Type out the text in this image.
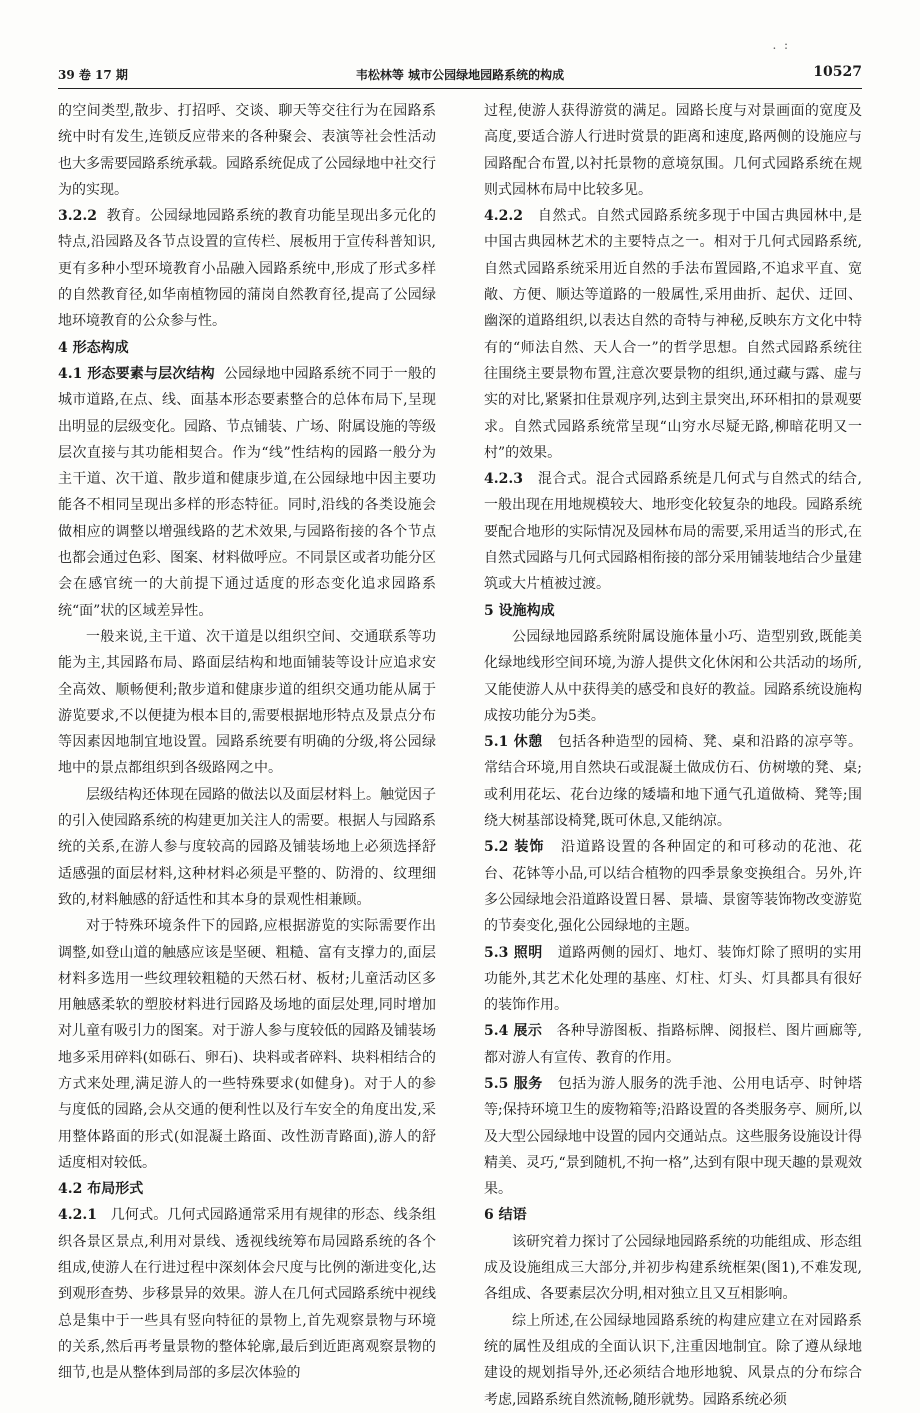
.  :
39 卷 17 期	韦松林等 城市公园绿地园路系统的构成	10527

的空间类型,散步、打招呼、交谈、聊天等交往行为在园路系统中时有发生,连锁反应带来的各种聚会、表演等社会性活动也大多需要园路系统承载。园路系统促成了公园绿地中社交行为的实现。

3.2.2 教育。公园绿地园路系统的教育功能呈现出多元化的特点,沿园路及各节点设置的宣传栏、展板用于宣传科普知识,更有多种小型环境教育小品融入园路系统中,形成了形式多样的自然教育径,如华南植物园的蒲岗自然教育径,提高了公园绿地环境教育的公众参与性。

4 形态构成

4.1 形态要素与层次结构 公园绿地中园路系统不同于一般的城市道路,在点、线、面基本形态要素整合的总体布局下,呈现出明显的层级变化。园路、节点铺装、广场、附属设施的等级层次直接与其功能相契合。作为“线”性结构的园路一般分为主干道、次干道、散步道和健康步道,在公园绿地中因主要功能各不相同呈现出多样的形态特征。同时,沿线的各类设施会做相应的调整以增强线路的艺术效果,与园路衔接的各个节点也都会通过色彩、图案、材料做呼应。不同景区或者功能分区会在感官统一的大前提下通过适度的形态变化追求园路系统“面”状的区域差异性。

一般来说,主干道、次干道是以组织空间、交通联系等功能为主,其园路布局、路面层结构和地面铺装等设计应追求安全高效、顺畅便利;散步道和健康步道的组织交通功能从属于游览要求,不以便捷为根本目的,需要根据地形特点及景点分布等因素因地制宜地设置。园路系统要有明确的分级,将公园绿地中的景点都组织到各级路网之中。

层级结构还体现在园路的做法以及面层材料上。触觉因子的引入使园路系统的构建更加关注人的需要。根据人与园路系统的关系,在游人参与度较高的园路及铺装场地上必须选择舒适感强的面层材料,这种材料必须是平整的、防滑的、纹理细致的,材料触感的舒适性和其本身的景观性相兼顾。

对于特殊环境条件下的园路,应根据游览的实际需要作出调整,如登山道的触感应该是坚硬、粗糙、富有支撑力的,面层材料多选用一些纹理较粗糙的天然石材、板材;儿童活动区多用触感柔软的塑胶材料进行园路及场地的面层处理,同时增加对儿童有吸引力的图案。对于游人参与度较低的园路及铺装场地多采用碎料(如砾石、卵石)、块料或者碎料、块料相结合的方式来处理,满足游人的一些特殊要求(如健身)。对于人的参与度低的园路,会从交通的便利性以及行车安全的角度出发,采用整体路面的形式(如混凝土路面、改性沥青路面),游人的舒适度相对较低。

4.2 布局形式

4.2.1 几何式。几何式园路通常采用有规律的形态、线条组织各景区景点,利用对景线、透视线统筹布局园路系统的各个组成,使游人在行进过程中深刻体会尺度与比例的渐进变化,达到观形查势、步移景异的效果。游人在几何式园路系统中视线总是集中于一些具有竖向特征的景物上,首先观察景物与环境的关系,然后再考量景物的整体轮廓,最后到近距离观察景物的细节,也是从整体到局部的多层次体验的

过程,使游人获得游赏的满足。园路长度与对景画面的宽度及高度,要适合游人行进时赏景的距离和速度,路两侧的设施应与园路配合布置,以衬托景物的意境氛围。几何式园路系统在规则式园林布局中比较多见。

4.2.2 自然式。自然式园路系统多现于中国古典园林中,是中国古典园林艺术的主要特点之一。相对于几何式园路系统,自然式园路系统采用近自然的手法布置园路,不追求平直、宽敞、方便、顺达等道路的一般属性,采用曲折、起伏、迂回、幽深的道路组织,以表达自然的奇特与神秘,反映东方文化中特有的“师法自然、天人合一”的哲学思想。自然式园路系统往往围绕主要景物布置,注意次要景物的组织,通过藏与露、虚与实的对比,紧紧扣住景观序列,达到主景突出,环环相扣的景观要求。自然式园路系统常呈现“山穷水尽疑无路,柳暗花明又一村”的效果。

4.2.3 混合式。混合式园路系统是几何式与自然式的结合,一般出现在用地规模较大、地形变化较复杂的地段。园路系统要配合地形的实际情况及园林布局的需要,采用适当的形式,在自然式园路与几何式园路相衔接的部分采用铺装地结合少量建筑或大片植被过渡。

5 设施构成

公园绿地园路系统附属设施体量小巧、造型别致,既能美化绿地线形空间环境,为游人提供文化休闲和公共活动的场所,又能使游人从中获得美的感受和良好的教益。园路系统设施构成按功能分为5类。

5.1 休憩 包括各种造型的园椅、凳、桌和沿路的凉亭等。常结合环境,用自然块石或混凝土做成仿石、仿树墩的凳、桌;或利用花坛、花台边缘的矮墙和地下通气孔道做椅、凳等;围绕大树基部设椅凳,既可休息,又能纳凉。

5.2 装饰 沿道路设置的各种固定的和可移动的花池、花台、花钵等小品,可以结合植物的四季景象变换组合。另外,许多公园绿地会沿道路设置日晷、景墙、景窗等装饰物改变游览的节奏变化,强化公园绿地的主题。

5.3 照明 道路两侧的园灯、地灯、装饰灯除了照明的实用功能外,其艺术化处理的基座、灯柱、灯头、灯具都具有很好的装饰作用。

5.4 展示 各种导游图板、指路标牌、阅报栏、图片画廊等,都对游人有宣传、教育的作用。

5.5 服务 包括为游人服务的洗手池、公用电话亭、时钟塔等;保持环境卫生的废物箱等;沿路设置的各类服务亭、厕所,以及大型公园绿地中设置的园内交通站点。这些服务设施设计得精美、灵巧,“景到随机,不拘一格”,达到有限中现天趣的景观效果。

6 结语

该研究着力探讨了公园绿地园路系统的功能组成、形态组成及设施组成三大部分,并初步构建系统框架(图1),不难发现,各组成、各要素层次分明,相对独立且又互相影响。

综上所述,在公园绿地园路系统的构建应建立在对园路系统的属性及组成的全面认识下,注重因地制宜。除了遵从绿地建设的规划指导外,还必须结合地形地貌、风景点的分布综合考虑,园路系统自然流畅,随形就势。园路系统必须
